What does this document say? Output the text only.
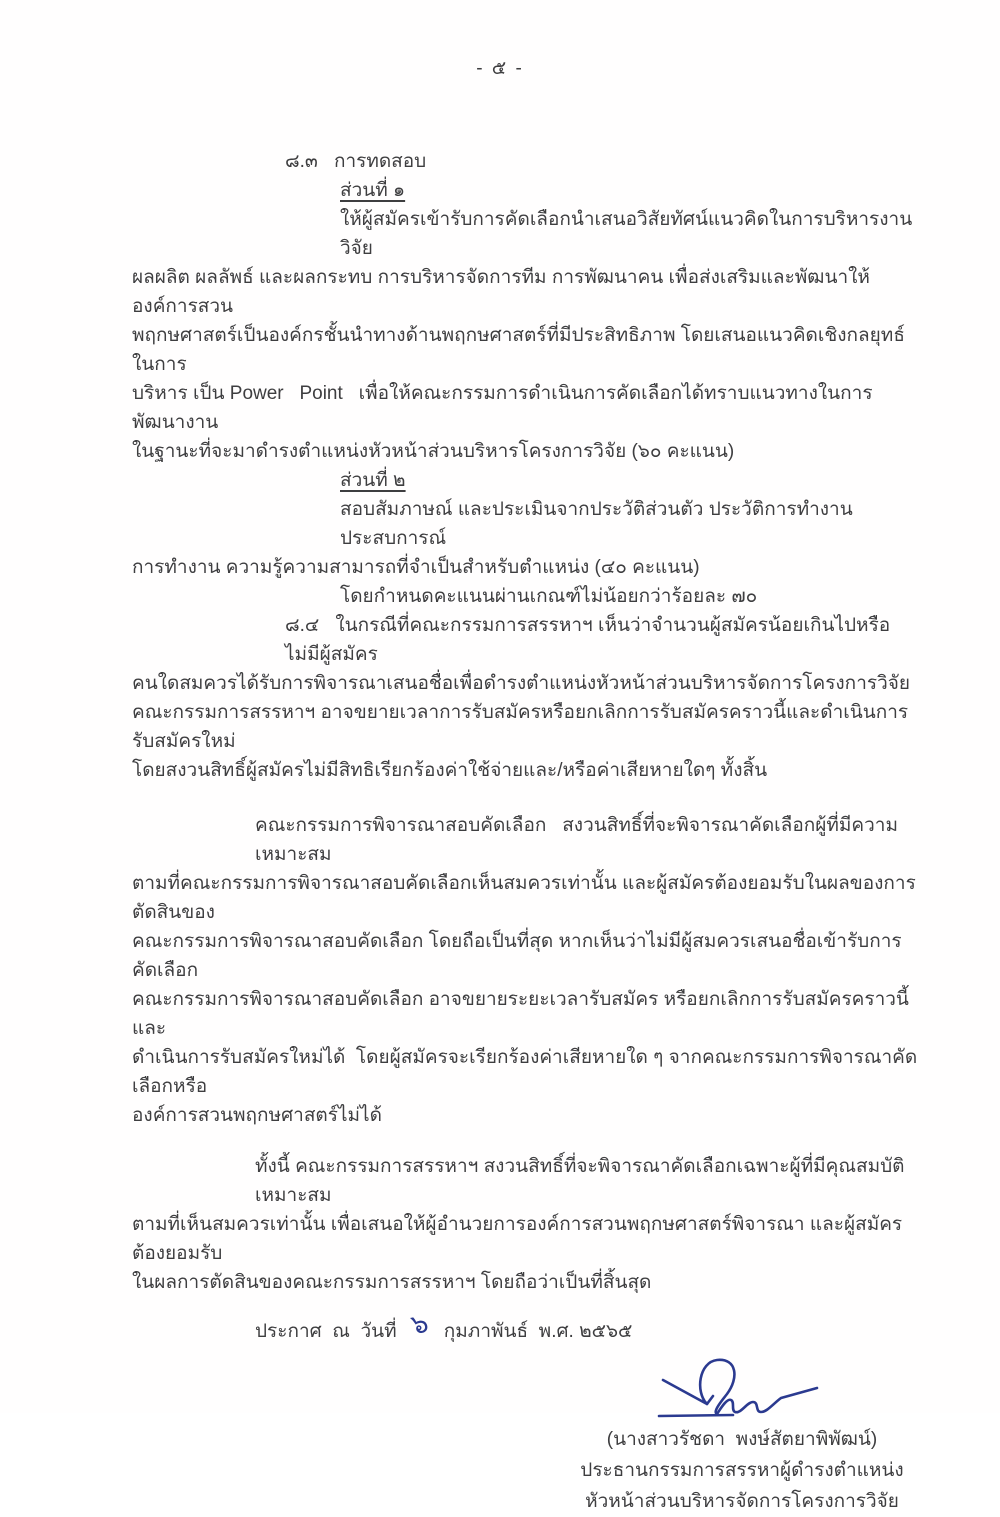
- ๕ -
๘.๓ การทดสอบ
ส่วนที่ ๑
ให้ผู้สมัครเข้ารับการคัดเลือกนำเสนอวิสัยทัศน์แนวคิดในการบริหารงานวิจัย
ผลผลิต ผลลัพธ์ และผลกระทบ การบริหารจัดการทีม การพัฒนาคน เพื่อส่งเสริมและพัฒนาให้องค์การสวน
พฤกษศาสตร์เป็นองค์กรชั้นนำทางด้านพฤกษศาสตร์ที่มีประสิทธิภาพ โดยเสนอแนวคิดเชิงกลยุทธ์ในการ
บริหาร เป็น Power   Point   เพื่อให้คณะกรรมการดำเนินการคัดเลือกได้ทราบแนวทางในการพัฒนางาน
ในฐานะที่จะมาดำรงตำแหน่งหัวหน้าส่วนบริหารโครงการวิจัย (๖๐ คะแนน)
ส่วนที่ ๒
สอบสัมภาษณ์ และประเมินจากประวัติส่วนตัว ประวัติการทำงาน ประสบการณ์
การทำงาน ความรู้ความสามารถที่จำเป็นสำหรับตำแหน่ง (๔๐ คะแนน)
โดยกำหนดคะแนนผ่านเกณฑ์ไม่น้อยกว่าร้อยละ ๗๐
๘.๔ ในกรณีที่คณะกรรมการสรรหาฯ เห็นว่าจำนวนผู้สมัครน้อยเกินไปหรือไม่มีผู้สมัคร
คนใดสมควรได้รับการพิจารณาเสนอชื่อเพื่อดำรงตำแหน่งหัวหน้าส่วนบริหารจัดการโครงการวิจัย
คณะกรรมการสรรหาฯ อาจขยายเวลาการรับสมัครหรือยกเลิกการรับสมัครคราวนี้และดำเนินการรับสมัครใหม่
โดยสงวนสิทธิ์ผู้สมัครไม่มีสิทธิเรียกร้องค่าใช้จ่ายและ/หรือค่าเสียหายใดๆ ทั้งสิ้น
คณะกรรมการพิจารณาสอบคัดเลือก   สงวนสิทธิ์ที่จะพิจารณาคัดเลือกผู้ที่มีความเหมาะสม
ตามที่คณะกรรมการพิจารณาสอบคัดเลือกเห็นสมควรเท่านั้น และผู้สมัครต้องยอมรับในผลของการตัดสินของ
คณะกรรมการพิจารณาสอบคัดเลือก โดยถือเป็นที่สุด หากเห็นว่าไม่มีผู้สมควรเสนอชื่อเข้ารับการคัดเลือก
คณะกรรมการพิจารณาสอบคัดเลือก อาจขยายระยะเวลารับสมัคร หรือยกเลิกการรับสมัครคราวนี้ และ
ดำเนินการรับสมัครใหม่ได้  โดยผู้สมัครจะเรียกร้องค่าเสียหายใด ๆ จากคณะกรรมการพิจารณาคัดเลือกหรือ
องค์การสวนพฤกษศาสตร์ไม่ได้
ทั้งนี้ คณะกรรมการสรรหาฯ สงวนสิทธิ์ที่จะพิจารณาคัดเลือกเฉพาะผู้ที่มีคุณสมบัติเหมาะสม
ตามที่เห็นสมควรเท่านั้น เพื่อเสนอให้ผู้อำนวยการองค์การสวนพฤกษศาสตร์พิจารณา และผู้สมัครต้องยอมรับ
ในผลการตัดสินของคณะกรรมการสรรหาฯ โดยถือว่าเป็นที่สิ้นสุด
ประกาศ  ณ  วันที่ ๖ กุมภาพันธ์  พ.ศ. ๒๕๖๕
(นางสาวรัชดา  พงษ์สัตยาพิพัฒน์)
ประธานกรรมการสรรหาผู้ดำรงตำแหน่ง
หัวหน้าส่วนบริหารจัดการโครงการวิจัย
